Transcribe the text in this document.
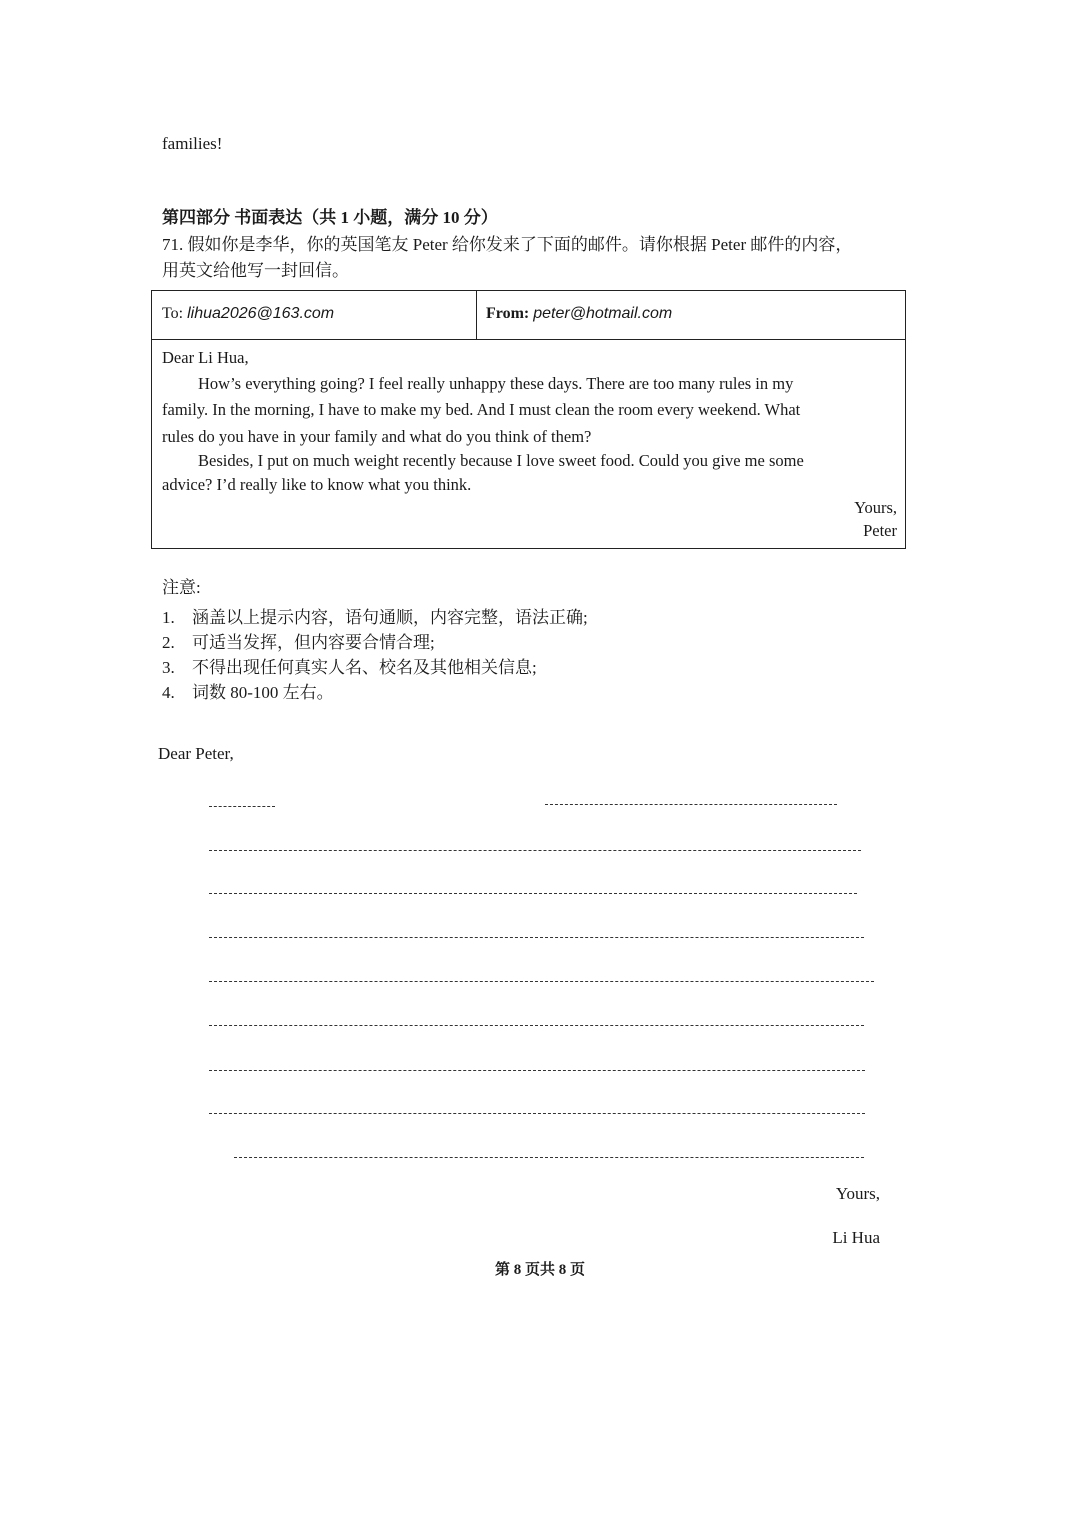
families!
第四部分 书面表达（共 1 小题，满分 10 分）
71. 假如你是李华，你的英国笔友 Peter 给你发来了下面的邮件。请你根据 Peter 邮件的内容，
用英文给他写一封回信。
To: lihua2026@163.com	From: peter@hotmail.com
Dear Li Hua,
How’s everything going? I feel really unhappy these days. There are too many rules in my
family. In the morning, I have to make my bed. And I must clean the room every weekend. What
rules do you have in your family and what do you think of them?
Besides, I put on much weight recently because I love sweet food. Could you give me some
advice? I’d really like to know what you think.
Yours,
Peter
注意:
1. 涵盖以上提示内容，语句通顺，内容完整，语法正确;
2. 可适当发挥，但内容要合情合理;
3. 不得出现任何真实人名、校名及其他相关信息;
4. 词数 80-100 左右。
Dear Peter,
Yours,
Li Hua
第 8 页共 8 页
